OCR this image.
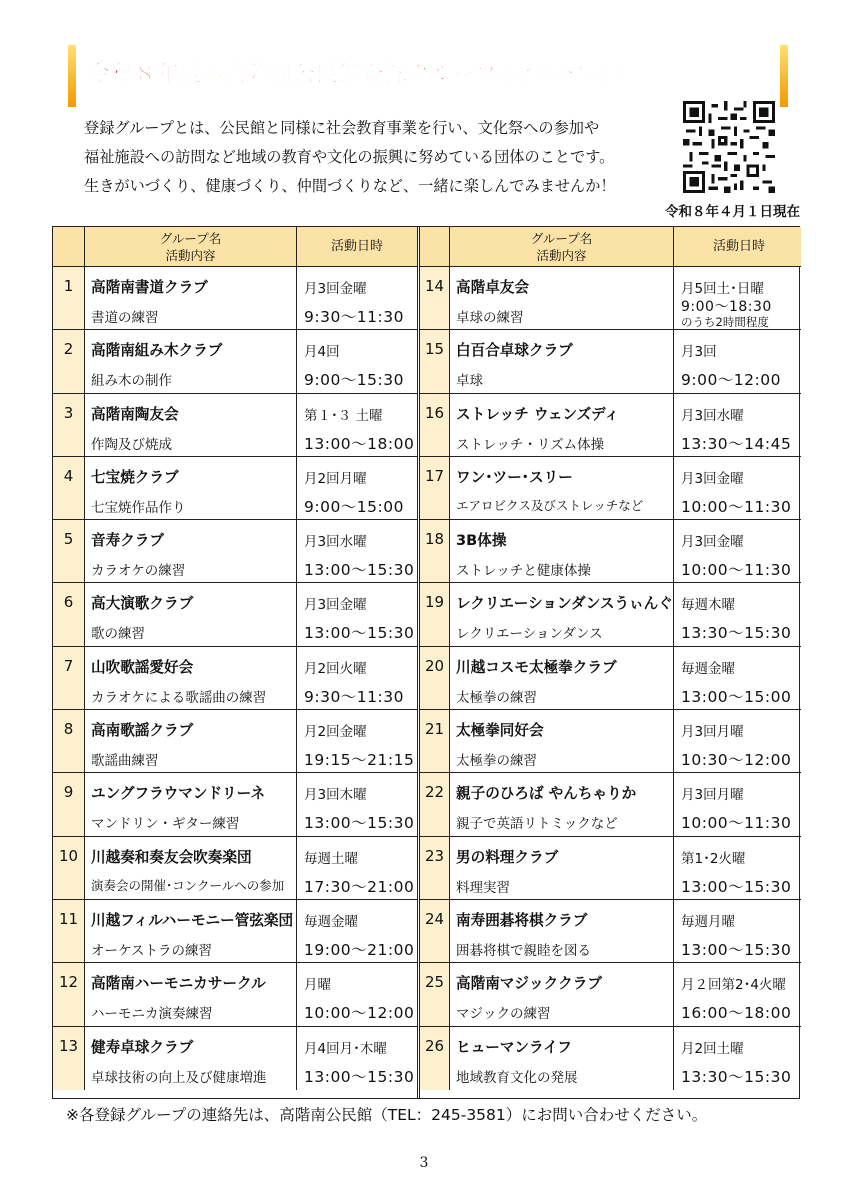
令和８年度の高階南公民館登録グループをご紹介します
登録グループとは、公民館と同様に社会教育事業を行い、文化祭への参加や
福祉施設への訪問など地域の教育や文化の振興に努めている団体のことです。
生きがいづくり、健康づくり、仲間づくりなど、一緒に楽しんでみませんか！
令和８年４月１日現在
グループ名
活動内容
活動日時
1	高階南書道クラブ
書道の練習
月3回金曜
9:30～11:30
2	高階南組み木クラブ
組み木の制作
月4回
9:00～15:30
3	高階南陶友会
作陶及び焼成
第１･３ 土曜
13:00～18:00
4	七宝焼クラブ
七宝焼作品作り
月2回月曜
9:00～15:00
5	音寿クラブ
カラオケの練習
月3回水曜
13:00～15:30
6	高大演歌クラブ
歌の練習
月3回金曜
13:00～15:30
7	山吹歌謡愛好会
カラオケによる歌謡曲の練習
月2回火曜
9:30～11:30
8	高南歌謡クラブ
歌謡曲練習
月2回金曜
19:15～21:15
9	ユングフラウマンドリーネ
マンドリン・ギター練習
月3回木曜
13:00～15:30
10 川越奏和奏友会吹奏楽団
演奏会の開催･コンクールへの参加
毎週土曜
17:30～21:00
11 川越フィルハーモニー管弦楽団
オーケストラの練習
毎週金曜
19:00～21:00
12 高階南ハーモニカサークル
ハーモニカ演奏練習
月曜
10:00～12:00
13 健寿卓球クラブ
卓球技術の向上及び健康増進
月4回月･木曜
13:00～15:30
グループ名
活動内容
活動日時
14 高階卓友会
卓球の練習
月5回土･日曜
9:00～18:30
のうち2時間程度
15 白百合卓球クラブ
卓球
月3回
9:00～12:00
16 ストレッチ ウェンズディ
ストレッチ・リズム体操
月3回水曜
13:30～14:45
17 ワン･ツー･スリー
エアロビクス及びストレッチなど
月3回金曜
10:00～11:30
18 3B体操
ストレッチと健康体操
月3回金曜
10:00～11:30
19 レクリエーションダンスうぃんぐ
レクリエーションダンス
毎週木曜
13:30～15:30
20 川越コスモ太極拳クラブ
太極拳の練習
毎週金曜
13:00～15:00
21 太極拳同好会
太極拳の練習
月3回月曜
10:30～12:00
22 親子のひろば やんちゃりか
親子で英語リトミックなど
月3回月曜
10:00～11:30
23 男の料理クラブ
料理実習
第1･2火曜
13:00～15:30
24 南寿囲碁将棋クラブ
囲碁将棋で親睦を図る
毎週月曜
13:00～15:30
25 高階南マジッククラブ
マジックの練習
月２回第2･4火曜
16:00～18:00
26 ヒューマンライフ
地域教育文化の発展
月2回土曜
13:30～15:30
※各登録グループの連絡先は、高階南公民館（TEL：245-3581）にお問い合わせください。
3
